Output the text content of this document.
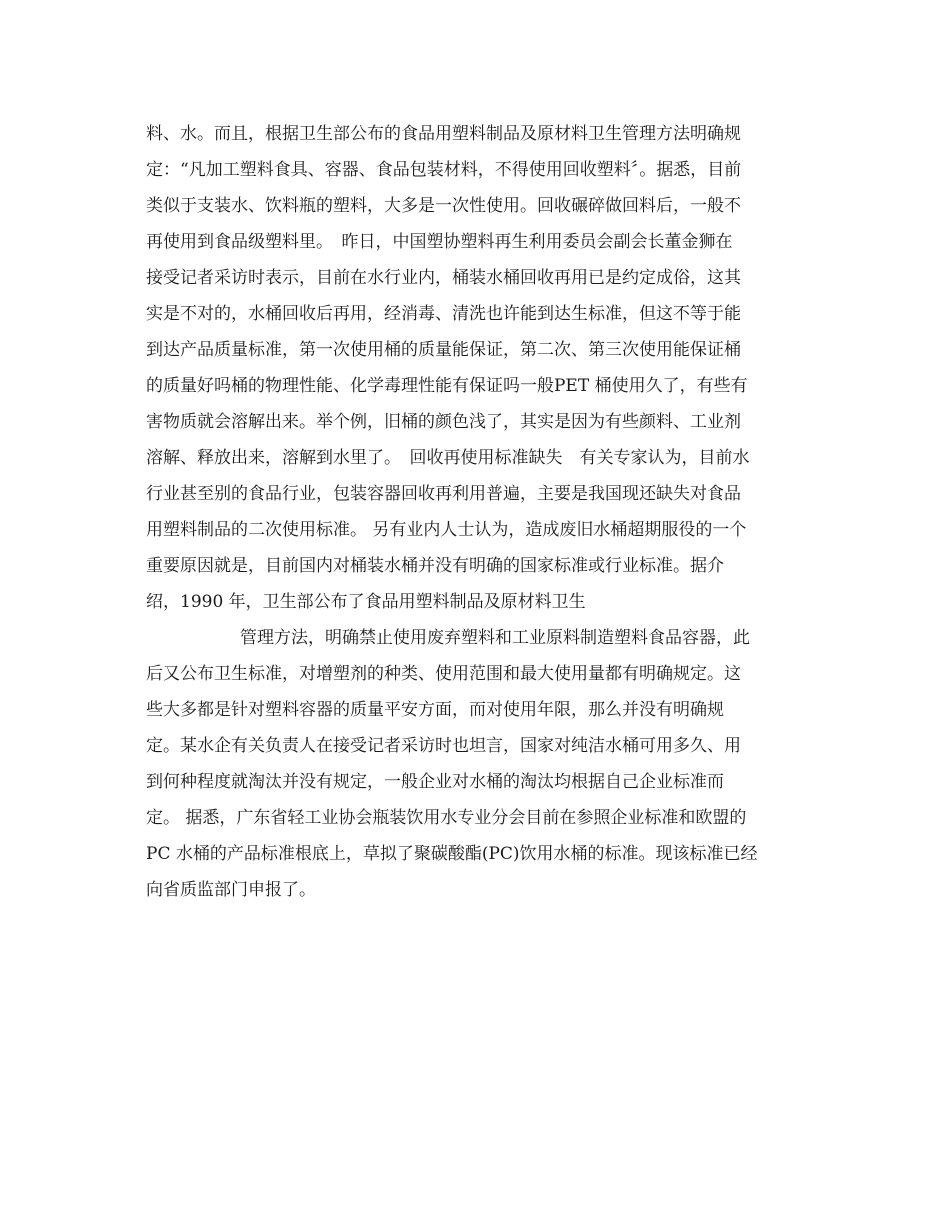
料、水。而且，根据卫生部公布的食品用塑料制品及原材料卫生管理方法明确规
定：“凡加工塑料食具、容器、食品包装材料，不得使用回收塑料〞。据悉，目前
类似于支装水、饮料瓶的塑料，大多是一次性使用。回收碾碎做回料后，一般不
再使用到食品级塑料里。　昨日，中国塑协塑料再生利用委员会副会长董金狮在
接受记者采访时表示，目前在水行业内，桶装水桶回收再用已是约定成俗，这其
实是不对的，水桶回收后再用，经消毒、清洗也许能到达生标准，但这不等于能
到达产品质量标准，第一次使用桶的质量能保证，第二次、第三次使用能保证桶
的质量好吗桶的物理性能、化学毒理性能有保证吗一般PET 桶使用久了，有些有
害物质就会溶解出来。举个例，旧桶的颜色浅了，其实是因为有些颜料、工业剂
溶解、释放出来，溶解到水里了。　回收再使用标准缺失　有关专家认为，目前水
行业甚至别的食品行业，包装容器回收再利用普遍，主要是我国现还缺失对食品
用塑料制品的二次使用标准。 另有业内人士认为，造成废旧水桶超期服役的一个
重要原因就是，目前国内对桶装水桶并没有明确的国家标准或行业标准。据介
绍，1990 年，卫生部公布了食品用塑料制品及原材料卫生
管理方法，明确禁止使用废弃塑料和工业原料制造塑料食品容器，此
后又公布卫生标准，对增塑剂的种类、使用范围和最大使用量都有明确规定。这
些大多都是针对塑料容器的质量平安方面，而对使用年限，那么并没有明确规
定。某水企有关负责人在接受记者采访时也坦言，国家对纯洁水桶可用多久、用
到何种程度就淘汰并没有规定，一般企业对水桶的淘汰均根据自己企业标准而
定。 据悉，广东省轻工业协会瓶装饮用水专业分会目前在参照企业标准和欧盟的
PC 水桶的产品标准根底上，草拟了聚碳酸酯(PC)饮用水桶的标准。现该标准已经
向省质监部门申报了。
